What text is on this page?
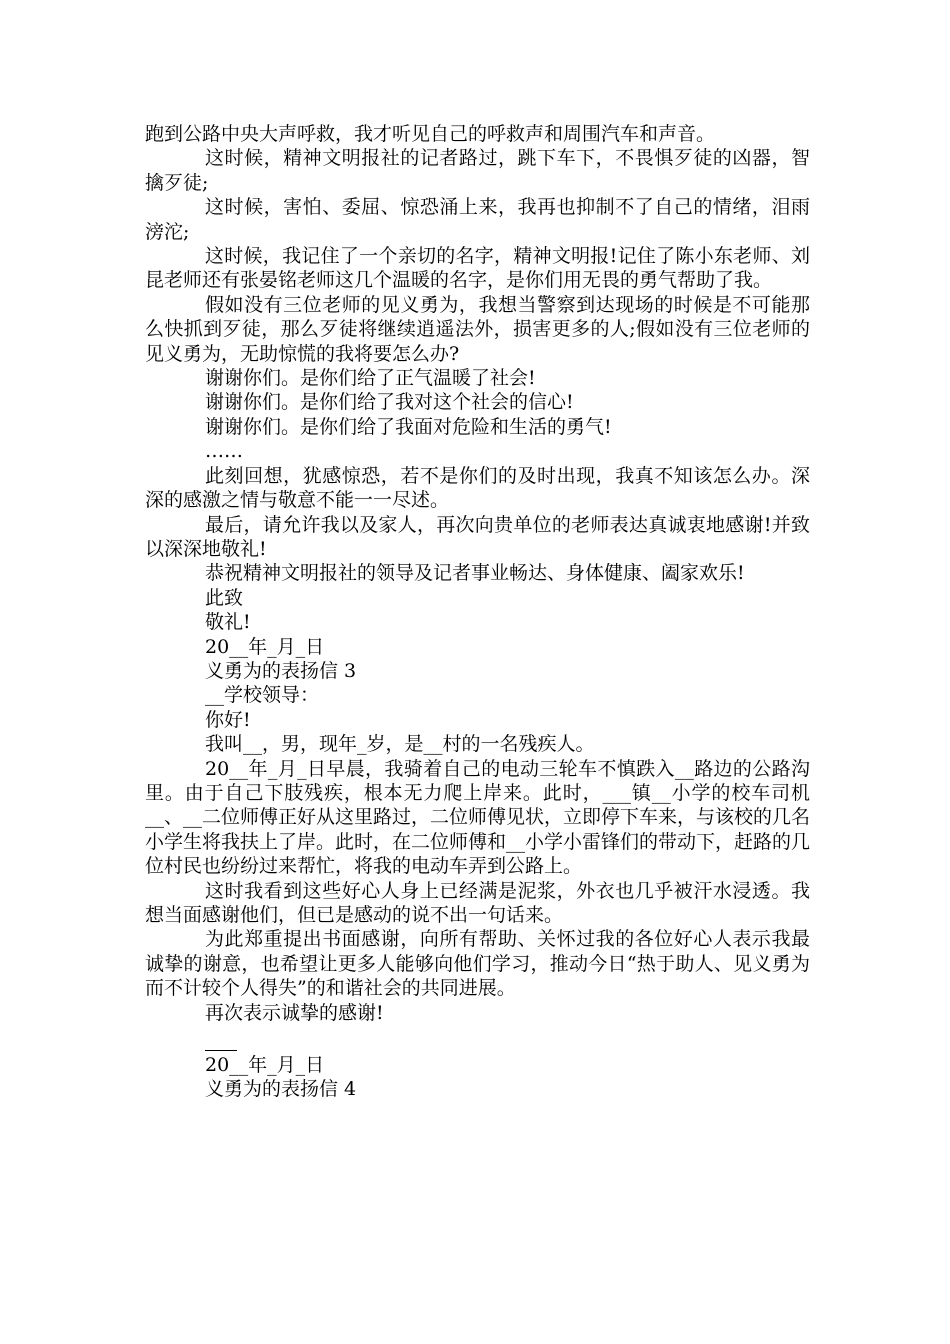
跑到公路中央大声呼救，我才听见自己的呼救声和周围汽车和声音。

这时候，精神文明报社的记者路过，跳下车下，不畏惧歹徒的凶器，智擒歹徒;

这时候，害怕、委屈、惊恐涌上来，我再也抑制不了自己的情绪，泪雨滂沱;

这时候，我记住了一个亲切的名字，精神文明报!记住了陈小东老师、刘昆老师还有张晏铭老师这几个温暖的名字，是你们用无畏的勇气帮助了我。

假如没有三位老师的见义勇为，我想当警察到达现场的时候是不可能那么快抓到歹徒，那么歹徒将继续逍遥法外，损害更多的人;假如没有三位老师的见义勇为，无助惊慌的我将要怎么办?

谢谢你们。是你们给了正气温暖了社会!

谢谢你们。是你们给了我对这个社会的信心!

谢谢你们。是你们给了我面对危险和生活的勇气!

……

此刻回想，犹感惊恐，若不是你们的及时出现，我真不知该怎么办。深深的感激之情与敬意不能一一尽述。

最后，请允许我以及家人，再次向贵单位的老师表达真诚衷地感谢!并致以深深地敬礼!

恭祝精神文明报社的领导及记者事业畅达、身体健康、阖家欢乐!

此致

敬礼!

20__年_月_日

义勇为的表扬信 3

__学校领导：

你好!

我叫__，男，现年_岁，是__村的一名残疾人。

20__年_月_日早晨，我骑着自己的电动三轮车不慎跌入__路边的公路沟里。由于自己下肢残疾，根本无力爬上岸来。此时，___镇__小学的校车司机__、__二位师傅正好从这里路过，二位师傅见状，立即停下车来，与该校的几名小学生将我扶上了岸。此时，在二位师傅和__小学小雷锋们的带动下，赶路的几位村民也纷纷过来帮忙，将我的电动车弄到公路上。

这时我看到这些好心人身上已经满是泥浆，外衣也几乎被汗水浸透。我想当面感谢他们，但已是感动的说不出一句话来。

为此郑重提出书面感谢，向所有帮助、关怀过我的各位好心人表示我最诚挚的谢意，也希望让更多人能够向他们学习，推动今日“热于助人、见义勇为而不计较个人得失”的和谐社会的共同进展。

再次表示诚挚的感谢!

20__年_月_日

义勇为的表扬信 4
